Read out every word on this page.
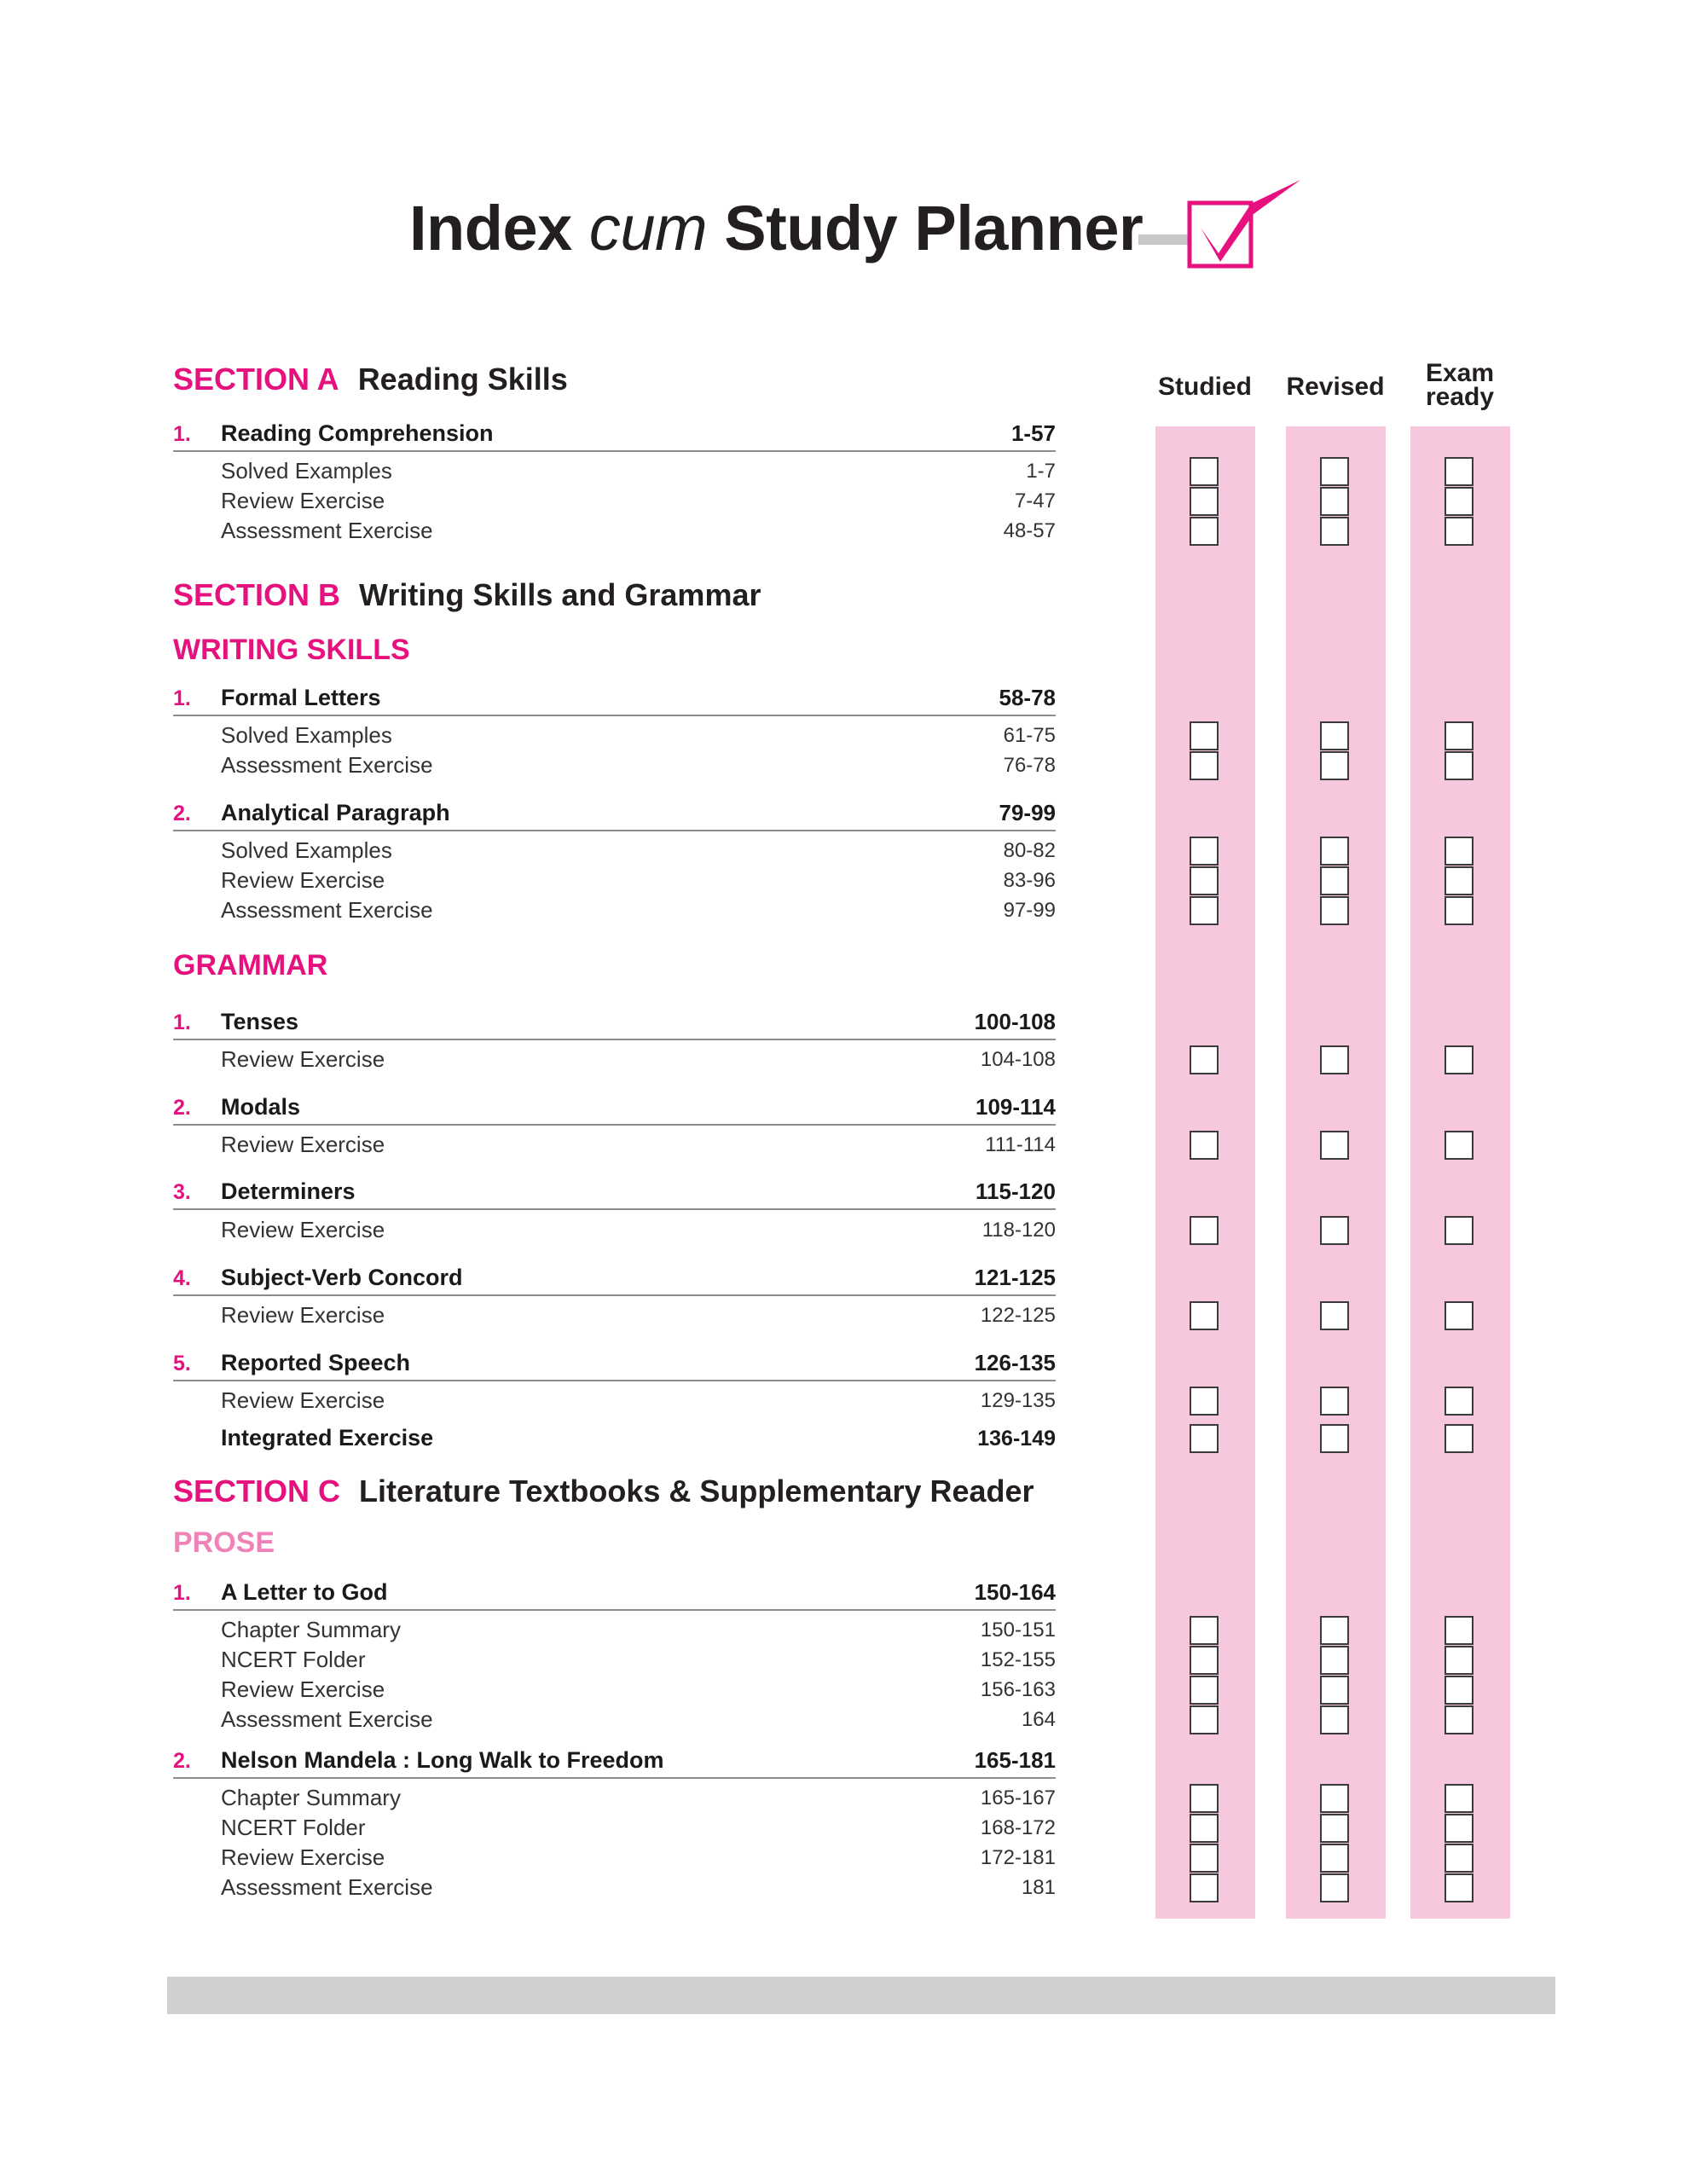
Index cum Study Planner
Studied	Revised	Exam ready
SECTION A Reading Skills
1. Reading Comprehension	1-57
Solved Examples	1-7
Review Exercise	7-47
Assessment Exercise	48-57
SECTION B Writing Skills and Grammar
WRITING SKILLS
1. Formal Letters	58-78
Solved Examples	61-75
Assessment Exercise	76-78
2. Analytical Paragraph	79-99
Solved Examples	80-82
Review Exercise	83-96
Assessment Exercise	97-99
GRAMMAR
1. Tenses	100-108
Review Exercise	104-108
2. Modals	109-114
Review Exercise	111-114
3. Determiners	115-120
Review Exercise	118-120
4. Subject-Verb Concord	121-125
Review Exercise	122-125
5. Reported Speech	126-135
Review Exercise	129-135
Integrated Exercise	136-149
SECTION C Literature Textbooks & Supplementary Reader
PROSE
1. A Letter to God	150-164
Chapter Summary	150-151
NCERT Folder	152-155
Review Exercise	156-163
Assessment Exercise	164
2. Nelson Mandela : Long Walk to Freedom	165-181
Chapter Summary	165-167
NCERT Folder	168-172
Review Exercise	172-181
Assessment Exercise	181
